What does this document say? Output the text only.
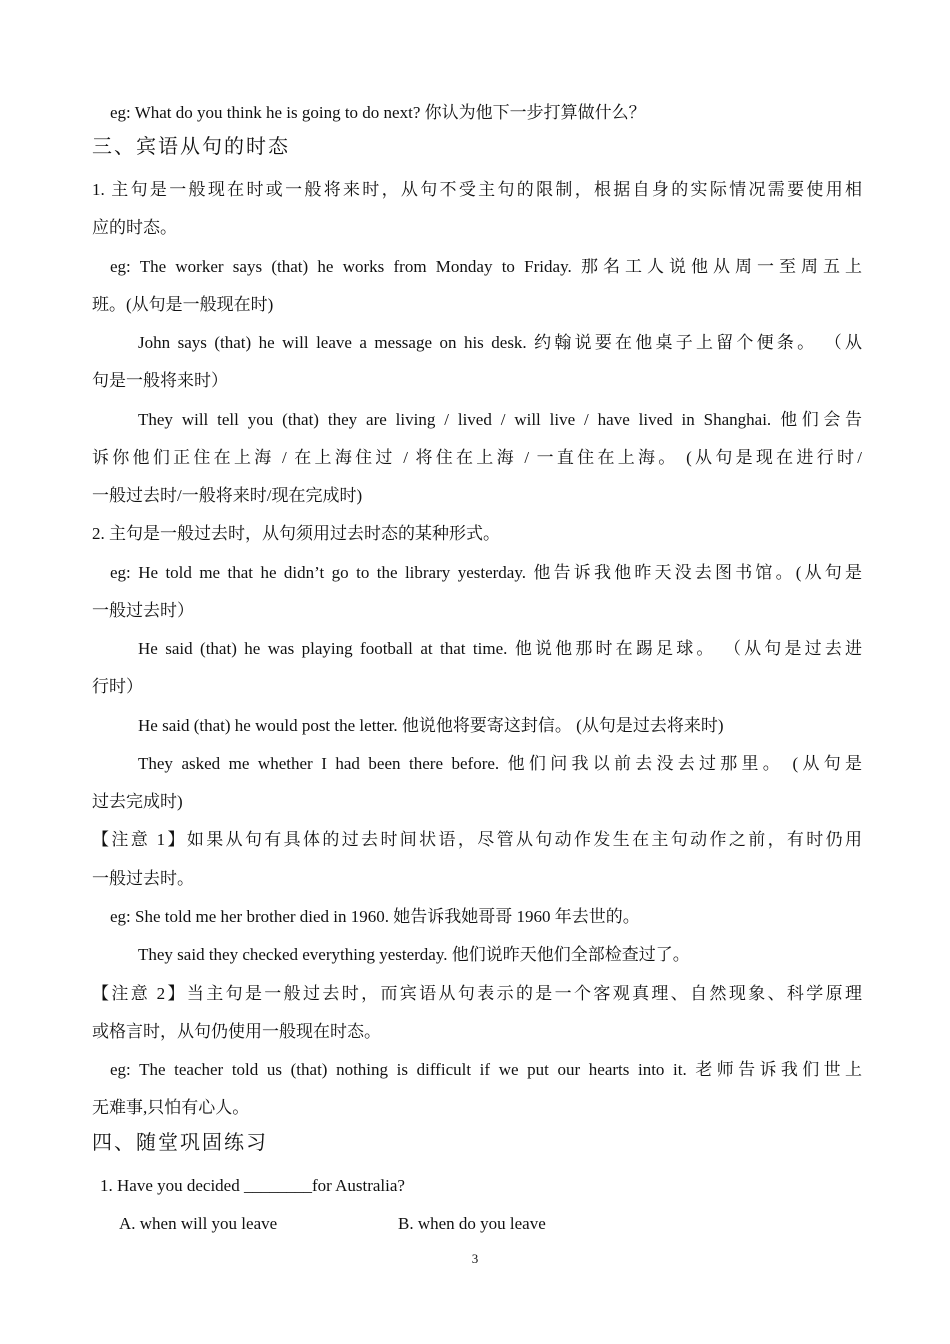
eg: What do you think he is going to do next? 你认为他下一步打算做什么？
三、宾语从句的时态
1. 主句是一般现在时或一般将来时，从句不受主句的限制，根据自身的实际情况需要使用相
应的时态。
eg: The worker says (that) he works from Monday to Friday. 那名工人说他从周一至周五上
班。(从句是一般现在时)
John says (that) he will leave a message on his desk. 约翰说要在他桌子上留个便条。 （从
句是一般将来时）
They will tell you (that) they are living / lived / will live / have lived in Shanghai. 他们会告
诉你他们正住在上海 / 在上海住过 / 将住在上海 / 一直住在上海。 (从句是现在进行时/
一般过去时/一般将来时/现在完成时)
2. 主句是一般过去时，从句须用过去时态的某种形式。
eg: He told me that he didn’t go to the library yesterday. 他告诉我他昨天没去图书馆。(从句是
一般过去时）
He said (that) he was playing football at that time. 他说他那时在踢足球。 （从句是过去进
行时）
He said (that) he would post the letter. 他说他将要寄这封信。 (从句是过去将来时)
They asked me whether I had been there before. 他们问我以前去没去过那里。 (从句是
过去完成时)
【注意 1】如果从句有具体的过去时间状语，尽管从句动作发生在主句动作之前，有时仍用
一般过去时。
eg: She told me her brother died in 1960. 她告诉我她哥哥 1960 年去世的。
They said they checked everything yesterday. 他们说昨天他们全部检查过了。
【注意 2】当主句是一般过去时，而宾语从句表示的是一个客观真理、自然现象、科学原理
或格言时，从句仍使用一般现在时态。
eg: The teacher told us (that) nothing is difficult if we put our hearts into it. 老师告诉我们世上
无难事,只怕有心人。
四、随堂巩固练习
1. Have you decided ________for Australia?
A. when will you leave	B. when do you leave
3
